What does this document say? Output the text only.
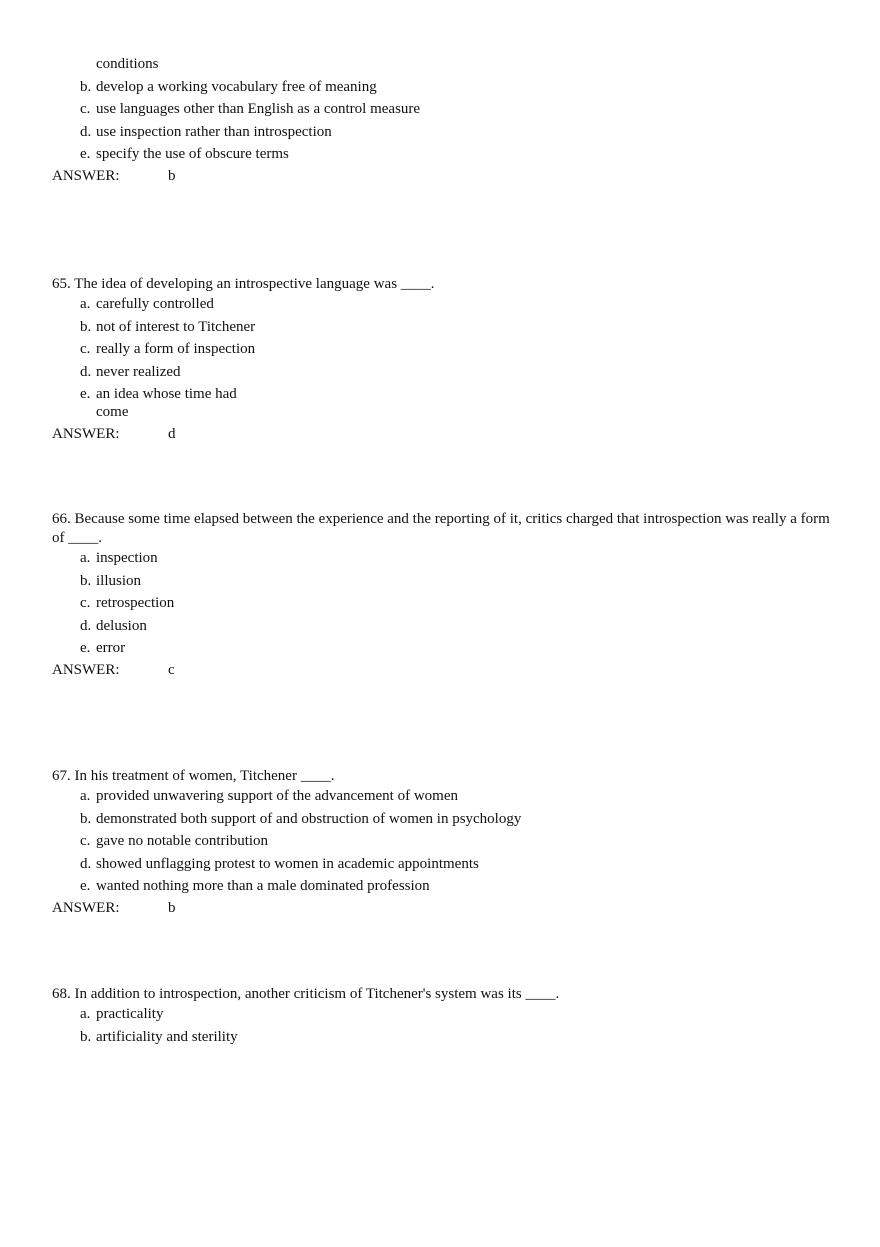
conditions
b. develop a working vocabulary free of meaning
c. use languages other than English as a control measure
d. use inspection rather than introspection
e. specify the use of obscure terms
ANSWER:	b

65. The idea of developing an introspective language was ____.

a. carefully controlled
b. not of interest to Titchener
c. really a form of inspection
d. never realized
e. an idea whose time had
come
ANSWER:	d

66. Because some time elapsed between the experience and the reporting of it, critics charged that introspection was really a form of ____.

a. inspection
b. illusion
c. retrospection
d. delusion
e. error
ANSWER:	c

67. In his treatment of women, Titchener ____.

a. provided unwavering support of the advancement of women
b. demonstrated both support of and obstruction of women in psychology
c. gave no notable contribution
d. showed unflagging protest to women in academic appointments
e. wanted nothing more than a male dominated profession
ANSWER:	b

68. In addition to introspection, another criticism of Titchener's system was its ____.

a. practicality
b. artificiality and sterility
